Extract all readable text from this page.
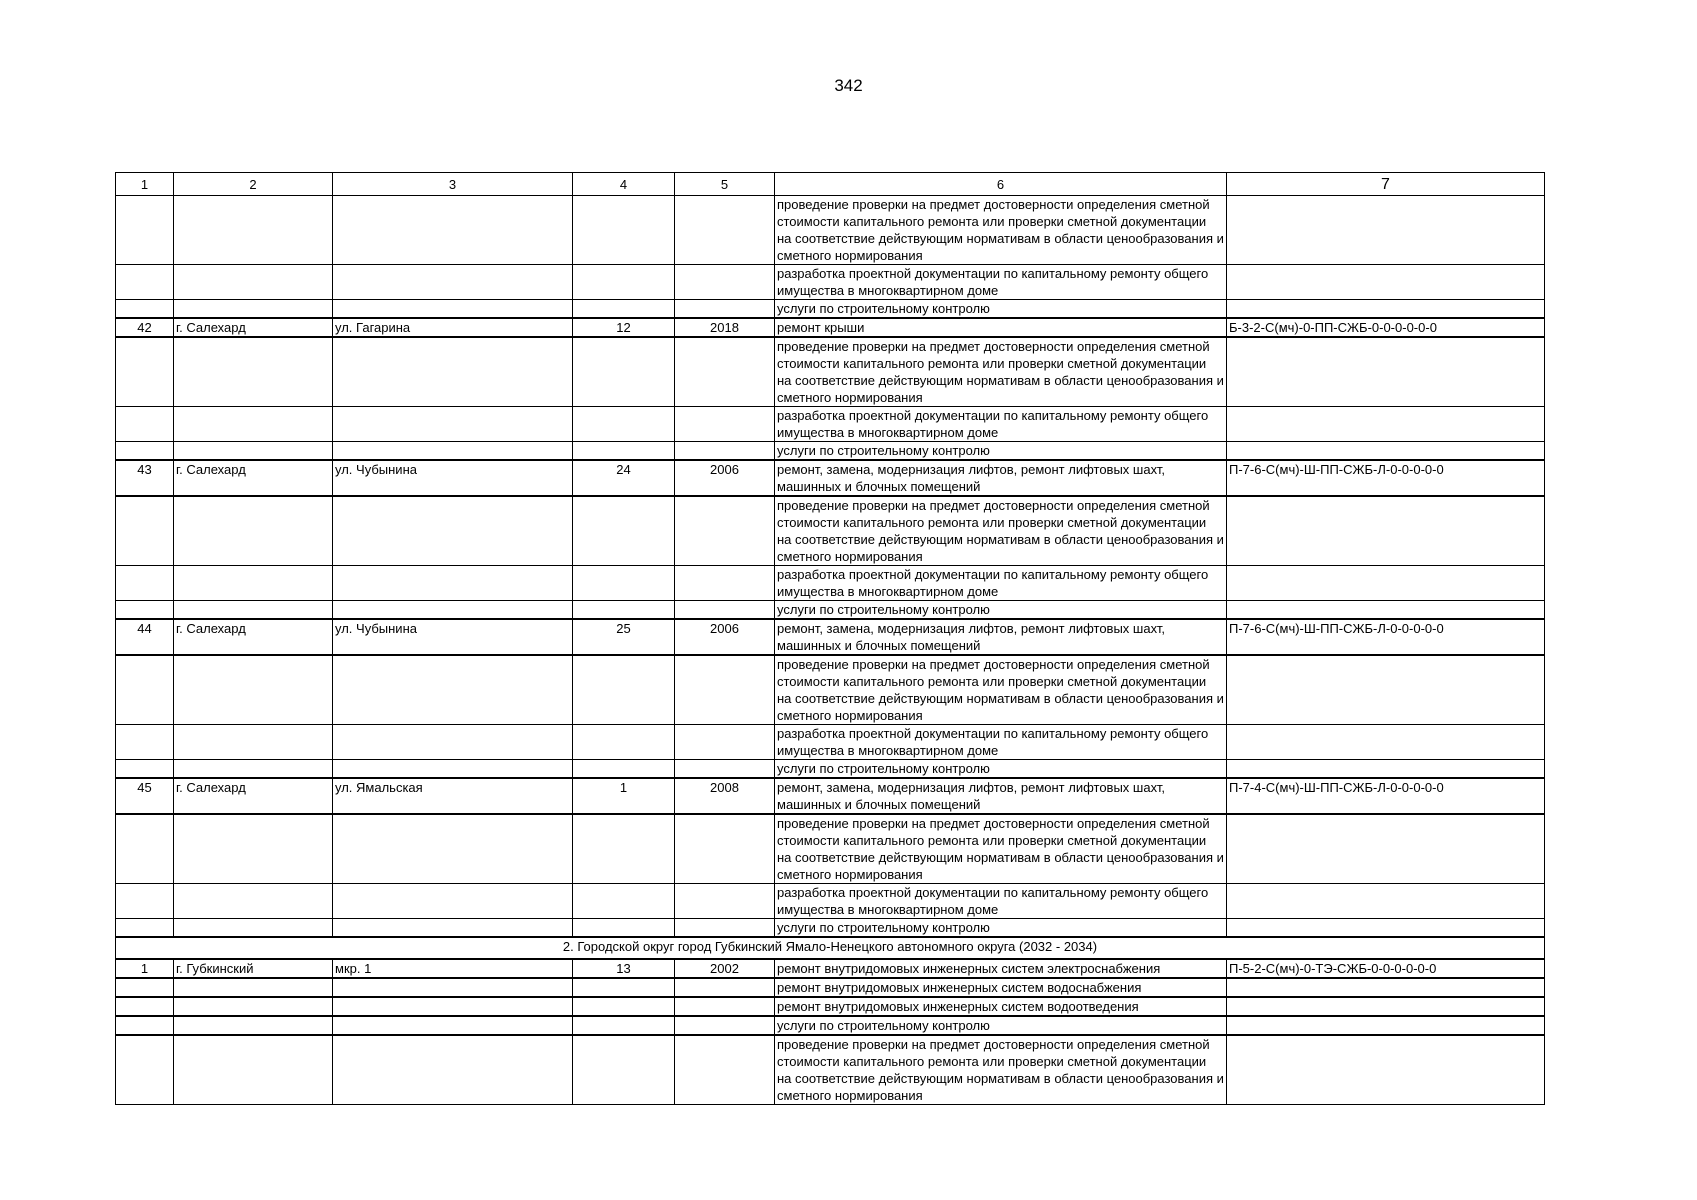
342
1	2	3	4	5	6	7
					проведение проверки на предмет достоверности определения сметной стоимости капитального ремонта или проверки сметной документации на соответствие действующим нормативам в области ценообразования и сметного нормирования	
					разработка проектной документации по капитальному ремонту общего имущества в многоквартирном доме	
					услуги по строительному контролю	
42	г. Салехард	ул. Гагарина	12	2018	ремонт крыши	Б-3-2-С(мч)-0-ПП-СЖБ-0-0-0-0-0-0
					проведение проверки на предмет достоверности определения сметной стоимости капитального ремонта или проверки сметной документации на соответствие действующим нормативам в области ценообразования и сметного нормирования	
					разработка проектной документации по капитальному ремонту общего имущества в многоквартирном доме	
					услуги по строительному контролю	
43	г. Салехард	ул. Чубынина	24	2006	ремонт, замена, модернизация лифтов, ремонт лифтовых шахт, машинных и блочных помещений	П-7-6-С(мч)-Ш-ПП-СЖБ-Л-0-0-0-0-0
					проведение проверки на предмет достоверности определения сметной стоимости капитального ремонта или проверки сметной документации на соответствие действующим нормативам в области ценообразования и сметного нормирования	
					разработка проектной документации по капитальному ремонту общего имущества в многоквартирном доме	
					услуги по строительному контролю	
44	г. Салехард	ул. Чубынина	25	2006	ремонт, замена, модернизация лифтов, ремонт лифтовых шахт, машинных и блочных помещений	П-7-6-С(мч)-Ш-ПП-СЖБ-Л-0-0-0-0-0
					проведение проверки на предмет достоверности определения сметной стоимости капитального ремонта или проверки сметной документации на соответствие действующим нормативам в области ценообразования и сметного нормирования	
					разработка проектной документации по капитальному ремонту общего имущества в многоквартирном доме	
					услуги по строительному контролю	
45	г. Салехард	ул. Ямальская	1	2008	ремонт, замена, модернизация лифтов, ремонт лифтовых шахт, машинных и блочных помещений	П-7-4-С(мч)-Ш-ПП-СЖБ-Л-0-0-0-0-0
					проведение проверки на предмет достоверности определения сметной стоимости капитального ремонта или проверки сметной документации на соответствие действующим нормативам в области ценообразования и сметного нормирования	
					разработка проектной документации по капитальному ремонту общего имущества в многоквартирном доме	
					услуги по строительному контролю	
2. Городской округ город Губкинский Ямало-Ненецкого автономного округа (2032 - 2034)						
1	г. Губкинский	мкр. 1	13	2002	ремонт внутридомовых инженерных систем электроснабжения	П-5-2-С(мч)-0-ТЭ-СЖБ-0-0-0-0-0-0
					ремонт внутридомовых инженерных систем водоснабжения	
					ремонт внутридомовых инженерных систем водоотведения	
					услуги по строительному контролю	
					проведение проверки на предмет достоверности определения сметной стоимости капитального ремонта или проверки сметной документации на соответствие действующим нормативам в области ценообразования и сметного нормирования	
